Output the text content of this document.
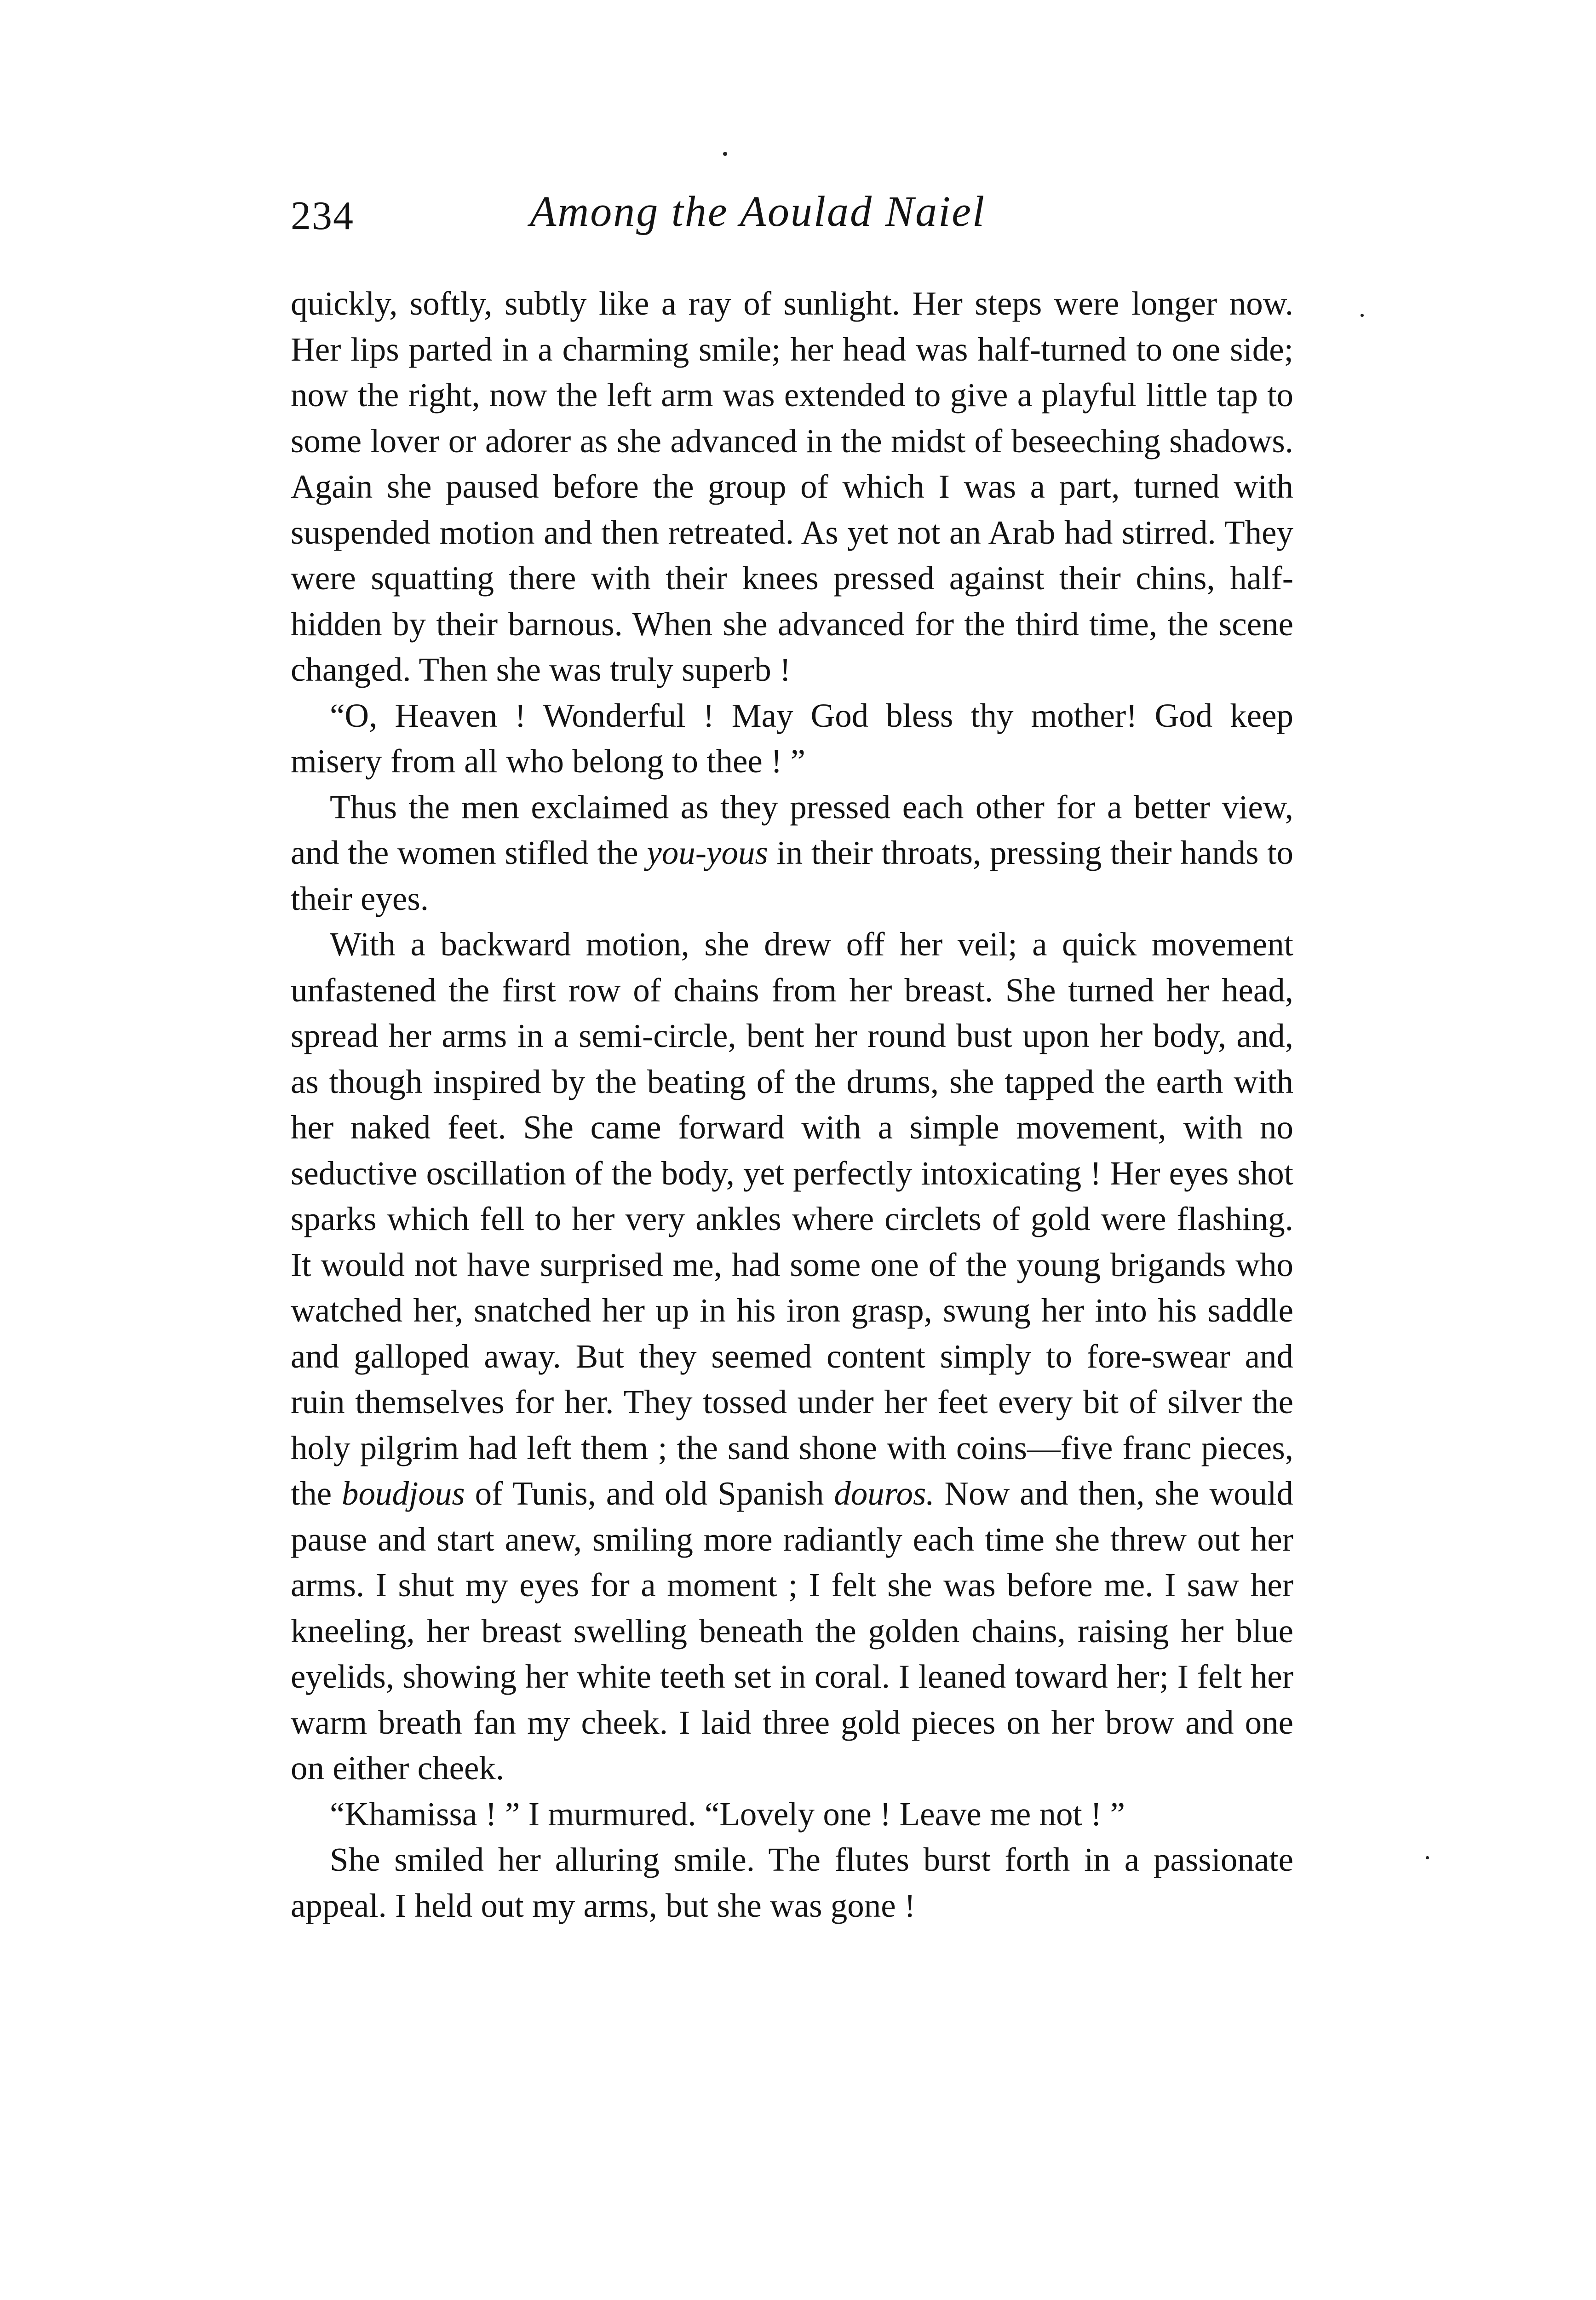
234	Among the Aoulad Naiel

quickly, softly, subtly like a ray of sunlight. Her steps were longer now. Her lips parted in a charming smile; her head was half-turned to one side; now the right, now the left arm was extended to give a playful little tap to some lover or adorer as she advanced in the midst of beseeching shadows. Again she paused before the group of which I was a part, turned with suspended motion and then retreated. As yet not an Arab had stirred. They were squatting there with their knees pressed against their chins, half-hidden by their barnous. When she advanced for the third time, the scene changed. Then she was truly superb !

“O, Heaven ! Wonderful ! May God bless thy mother! God keep misery from all who belong to thee ! ”

Thus the men exclaimed as they pressed each other for a better view, and the women stifled the you-yous in their throats, pressing their hands to their eyes.

With a backward motion, she drew off her veil; a quick movement unfastened the first row of chains from her breast. She turned her head, spread her arms in a semi-circle, bent her round bust upon her body, and, as though inspired by the beating of the drums, she tapped the earth with her naked feet. She came forward with a simple movement, with no seductive oscillation of the body, yet perfectly intoxicating ! Her eyes shot sparks which fell to her very ankles where circlets of gold were flashing. It would not have surprised me, had some one of the young brigands who watched her, snatched her up in his iron grasp, swung her into his saddle and galloped away. But they seemed content simply to fore-swear and ruin themselves for her. They tossed under her feet every bit of silver the holy pilgrim had left them ; the sand shone with coins—five franc pieces, the boudjous of Tunis, and old Spanish douros. Now and then, she would pause and start anew, smiling more radiantly each time she threw out her arms. I shut my eyes for a moment ; I felt she was before me. I saw her kneeling, her breast swelling beneath the golden chains, raising her blue eyelids, showing her white teeth set in coral. I leaned toward her; I felt her warm breath fan my cheek. I laid three gold pieces on her brow and one on either cheek.

“Khamissa ! ” I murmured. “Lovely one ! Leave me not ! ”

She smiled her alluring smile. The flutes burst forth in a passionate appeal. I held out my arms, but she was gone !
